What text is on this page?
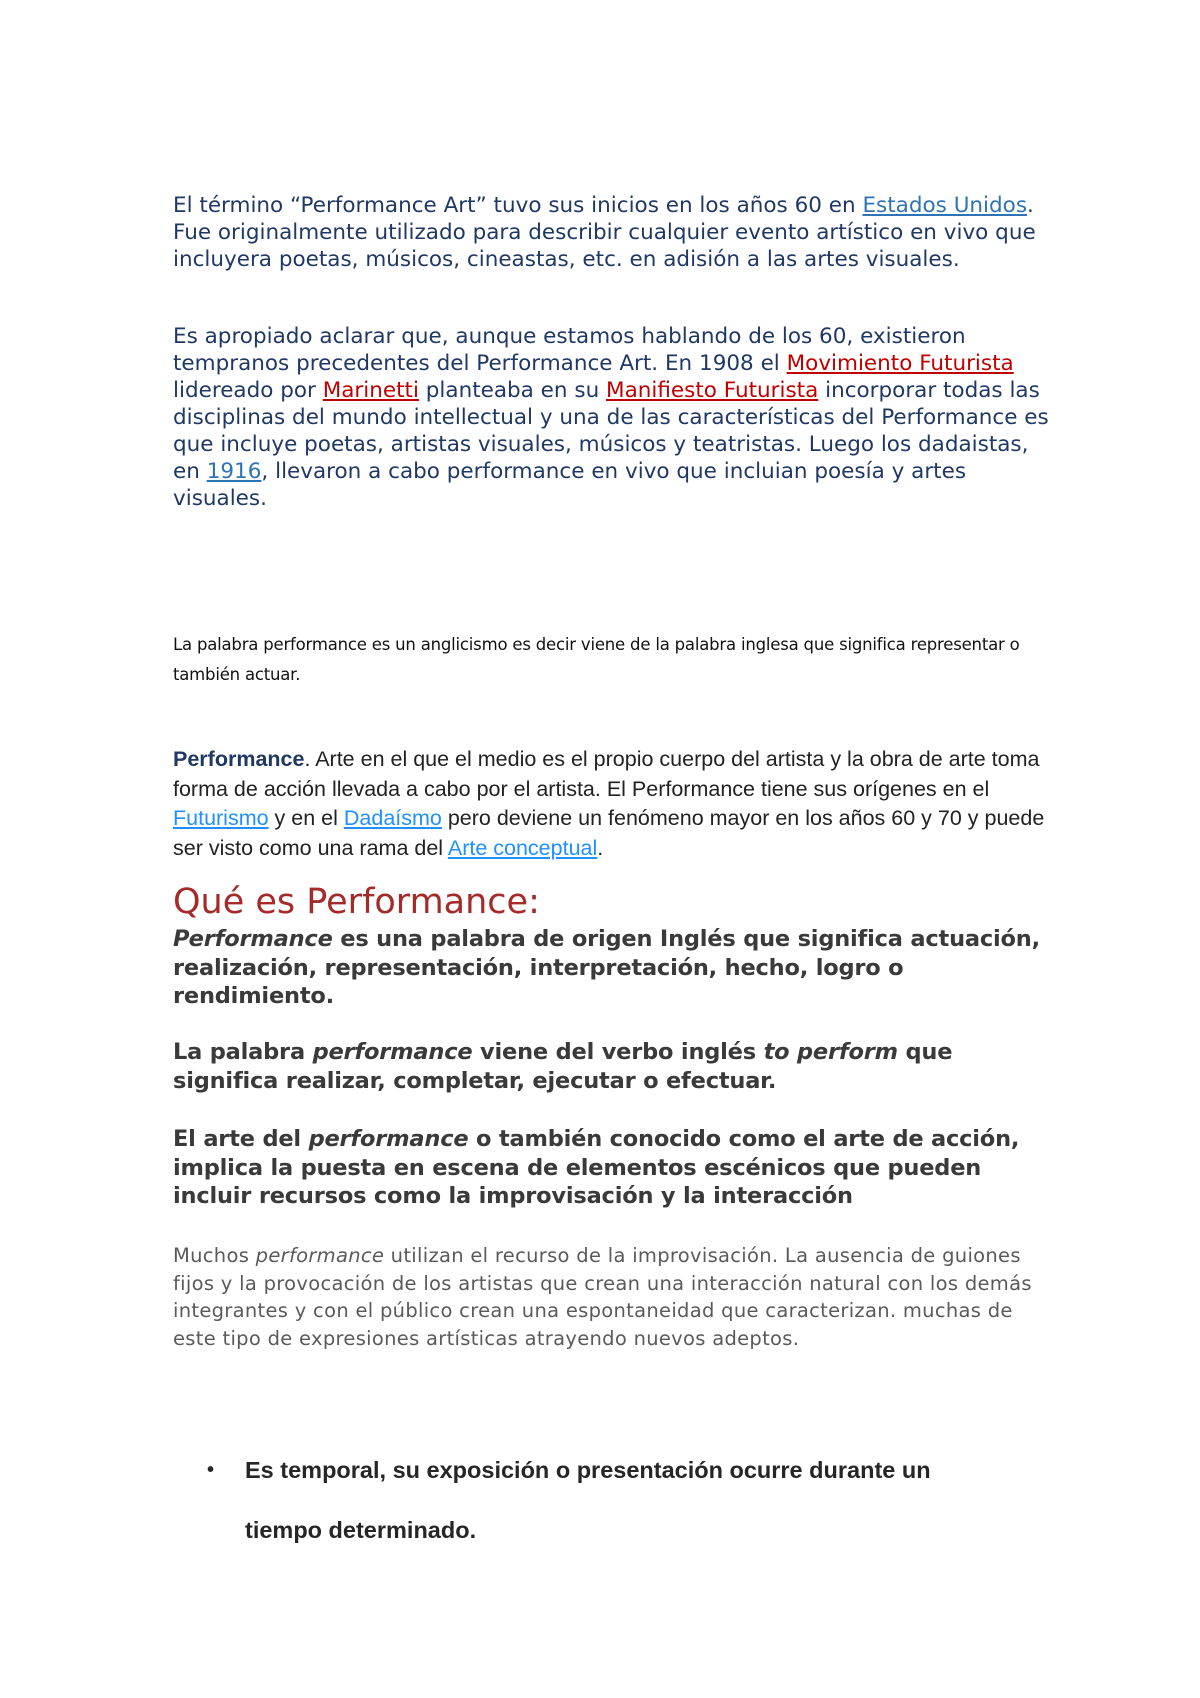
El término “Performance Art” tuvo sus inicios en los años 60 en Estados Unidos. Fue originalmente utilizado para describir cualquier evento artístico en vivo que incluyera poetas, músicos, cineastas, etc. en adisión a las artes visuales.

Es apropiado aclarar que, aunque estamos hablando de los 60, existieron tempranos precedentes del Performance Art. En 1908 el Movimiento Futurista lidereado por Marinetti planteaba en su Manifiesto Futurista incorporar todas las disciplinas del mundo intellectual y una de las características del Performance es que incluye poetas, artistas visuales, músicos y teatristas. Luego los dadaistas, en 1916, llevaron a cabo performance en vivo que incluian poesía y artes visuales.

La palabra performance es un anglicismo es decir viene de la palabra inglesa que significa representar o también actuar.

Performance. Arte en el que el medio es el propio cuerpo del artista y la obra de arte toma forma de acción llevada a cabo por el artista. El Performance tiene sus orígenes en el Futurismo y en el Dadaísmo pero deviene un fenómeno mayor en los años 60 y 70 y puede ser visto como una rama del Arte conceptual.

Qué es Performance:

Performance es una palabra de origen Inglés que significa actuación, realización, representación, interpretación, hecho, logro o rendimiento.

La palabra performance viene del verbo inglés to perform que significa realizar, completar, ejecutar o efectuar.

El arte del performance o también conocido como el arte de acción, implica la puesta en escena de elementos escénicos que pueden incluir recursos como la improvisación y la interacción

Muchos performance utilizan el recurso de la improvisación. La ausencia de guiones fijos y la provocación de los artistas que crean una interacción natural con los demás integrantes y con el público crean una espontaneidad que caracterizan. muchas de este tipo de expresiones artísticas atrayendo nuevos adeptos.

• Es temporal, su exposición o presentación ocurre durante un tiempo determinado.
